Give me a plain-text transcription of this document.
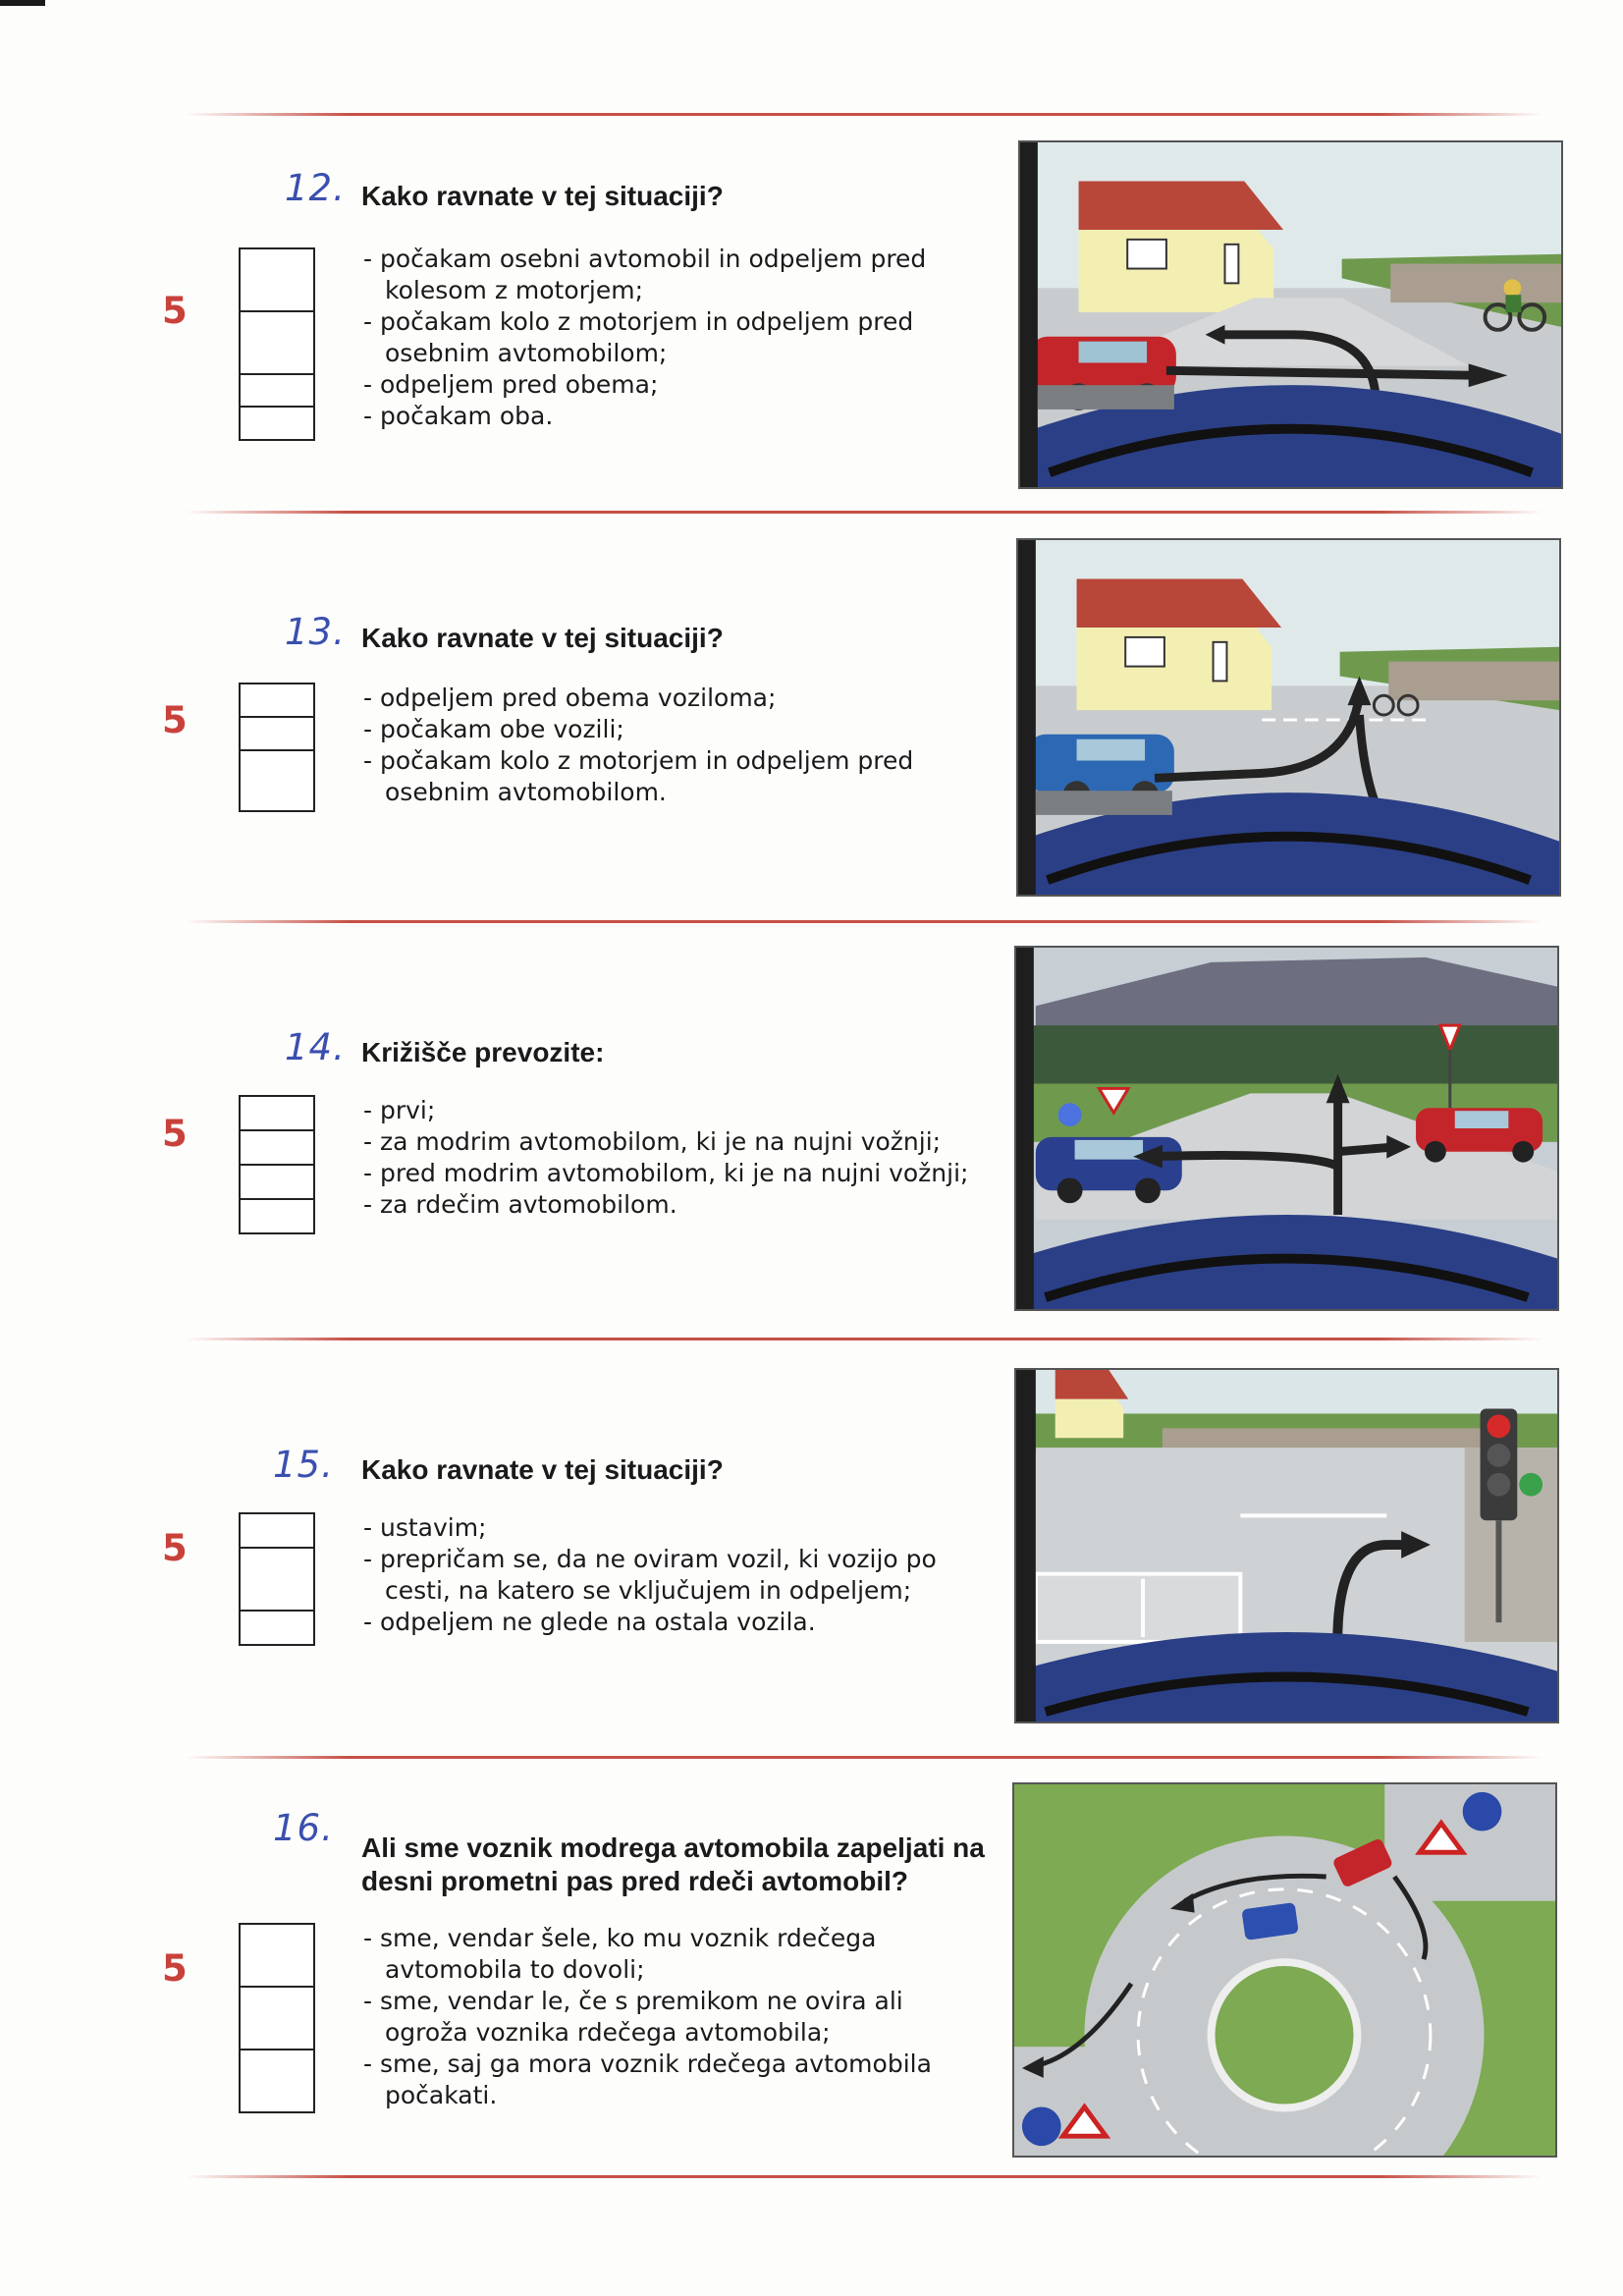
12.
5
Kako ravnate v tej situaciji?
- počakam osebni avtomobil in odpeljem pred kolesom z motorjem;
- počakam kolo z motorjem in odpeljem pred osebnim avtomobilom;
- odpeljem pred obema;
- počakam oba.
13.
5
Kako ravnate v tej situaciji?
- odpeljem pred obema voziloma;
- počakam obe vozili;
- počakam kolo z motorjem in odpeljem pred osebnim avtomobilom.
14.
5
Križišče prevozite:
- prvi;
- za modrim avtomobilom, ki je na nujni vožnji;
- pred modrim avtomobilom, ki je na nujni vožnji;
- za rdečim avtomobilom.
15.
5
Kako ravnate v tej situaciji?
- ustavim;
- prepričam se, da ne oviram vozil, ki vozijo po cesti, na katero se vključujem in odpeljem;
- odpeljem ne glede na ostala vozila.
16.
5
Ali sme voznik modrega avtomobila zapeljati na desni prometni pas pred rdeči avtomobil?
- sme, vendar šele, ko mu voznik rdečega avtomobila to dovoli;
- sme, vendar le, če s premikom ne ovira ali ogroža voznika rdečega avtomobila;
- sme, saj ga mora voznik rdečega avtomobila počakati.
